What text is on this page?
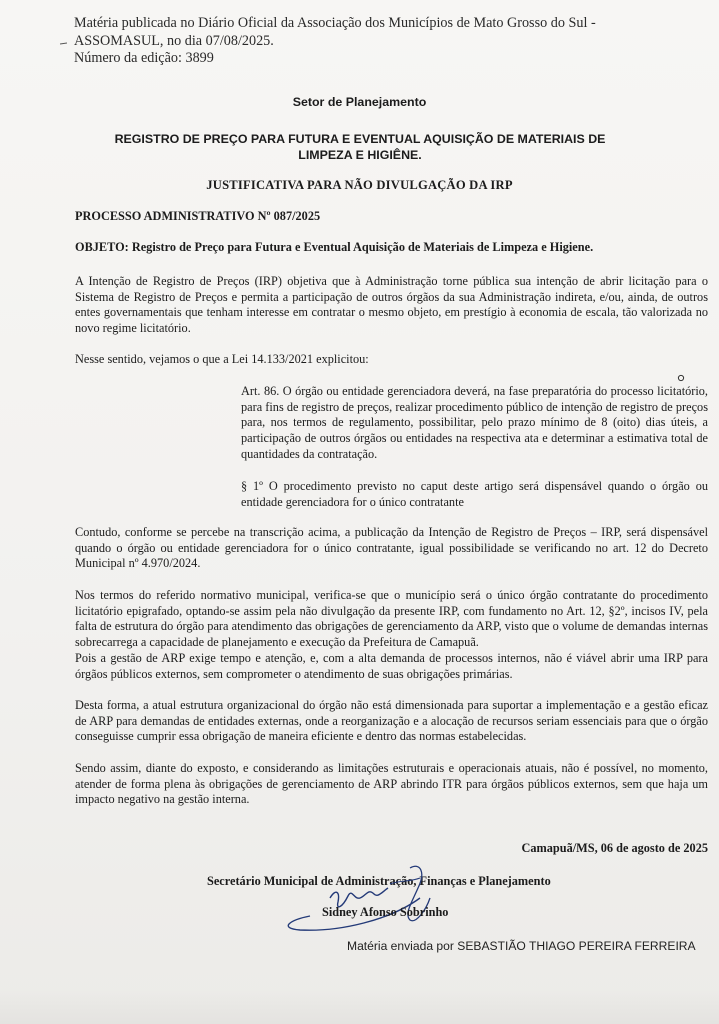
Matéria publicada no Diário Oficial da Associação dos Municípios de Mato Grosso do Sul -
ASSOMASUL, no dia 07/08/2025.
Número da edição: 3899
Setor de Planejamento
REGISTRO DE PREÇO PARA FUTURA E EVENTUAL AQUISIÇÃO DE MATERIAIS DE LIMPEZA E HIGIÊNE.
JUSTIFICATIVA PARA NÃO DIVULGAÇÃO DA IRP
PROCESSO ADMINISTRATIVO Nº 087/2025
OBJETO: Registro de Preço para Futura e Eventual Aquisição de Materiais de Limpeza e Higiene.
A Intenção de Registro de Preços (IRP) objetiva que à Administração torne pública sua intenção de abrir licitação para o Sistema de Registro de Preços e permita a participação de outros órgãos da sua Administração indireta, e/ou, ainda, de outros entes governamentais que tenham interesse em contratar o mesmo objeto, em prestígio à economia de escala, tão valorizada no novo regime licitatório.
Nesse sentido, vejamos o que a Lei 14.133/2021 explicitou:
Art. 86. O órgão ou entidade gerenciadora deverá, na fase preparatória do processo licitatório, para fins de registro de preços, realizar procedimento público de intenção de registro de preços para, nos termos de regulamento, possibilitar, pelo prazo mínimo de 8 (oito) dias úteis, a participação de outros órgãos ou entidades na respectiva ata e determinar a estimativa total de quantidades da contratação.
§ 1º O procedimento previsto no caput deste artigo será dispensável quando o órgão ou entidade gerenciadora for o único contratante
Contudo, conforme se percebe na transcrição acima, a publicação da Intenção de Registro de Preços – IRP, será dispensável quando o órgão ou entidade gerenciadora for o único contratante, igual possibilidade se verificando no art. 12 do Decreto Municipal nº 4.970/2024.
Nos termos do referido normativo municipal, verifica-se que o município será o único órgão contratante do procedimento licitatório epigrafado, optando-se assim pela não divulgação da presente IRP, com fundamento no Art. 12, §2º, incisos IV, pela falta de estrutura do órgão para atendimento das obrigações de gerenciamento da ARP, visto que o volume de demandas internas sobrecarrega a capacidade de planejamento e execução da Prefeitura de Camapuã.
Pois a gestão de ARP exige tempo e atenção, e, com a alta demanda de processos internos, não é viável abrir uma IRP para órgãos públicos externos, sem comprometer o atendimento de suas obrigações primárias.
Desta forma, a atual estrutura organizacional do órgão não está dimensionada para suportar a implementação e a gestão eficaz de ARP para demandas de entidades externas, onde a reorganização e a alocação de recursos seriam essenciais para que o órgão conseguisse cumprir essa obrigação de maneira eficiente e dentro das normas estabelecidas.
Sendo assim, diante do exposto, e considerando as limitações estruturais e operacionais atuais, não é possível, no momento, atender de forma plena às obrigações de gerenciamento de ARP abrindo ITR para órgãos públicos externos, sem que haja um impacto negativo na gestão interna.
Camapuã/MS, 06 de agosto de 2025
Secretário Municipal de Administração, Finanças e Planejamento
Sidney Afonso Sobrinho
Matéria enviada por SEBASTIÃO THIAGO PEREIRA FERREIRA
